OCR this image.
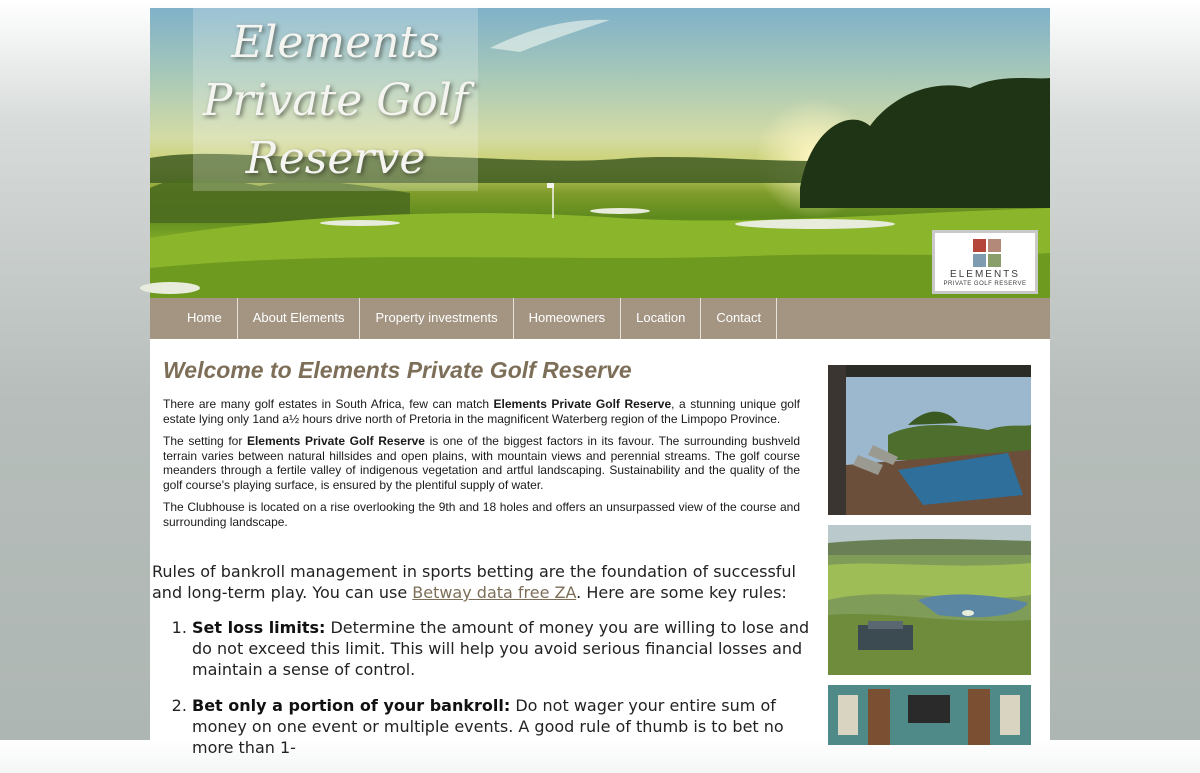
Elements
Private Golf
Reserve
ELEMENTS
PRIVATE GOLF RESERVE
Home	About Elements	Property investments	Homeowners	Location	Contact
Welcome to Elements Private Golf Reserve

There are many golf estates in South Africa, few can match Elements Private Golf Reserve, a stunning unique golf estate lying only 1and a½ hours drive north of Pretoria in the magnificent Waterberg region of the Limpopo Province.

The setting for Elements Private Golf Reserve is one of the biggest factors in its favour. The surrounding bushveld terrain varies between natural hillsides and open plains, with mountain views and perennial streams. The golf course meanders through a fertile valley of indigenous vegetation and artful landscaping. Sustainability and the quality of the golf course's playing surface, is ensured by the plentiful supply of water.

The Clubhouse is located on a rise overlooking the 9th and 18 holes and offers an unsurpassed view of the course and surrounding landscape.

Rules of bankroll management in sports betting are the foundation of successful and long-term play. You can use Betway data free ZA. Here are some key rules:

1. Set loss limits: Determine the amount of money you are willing to lose and do not exceed this limit. This will help you avoid serious financial losses and maintain a sense of control.
2. Bet only a portion of your bankroll: Do not wager your entire sum of money on one event or multiple events. A good rule of thumb is to bet no more than 1-
